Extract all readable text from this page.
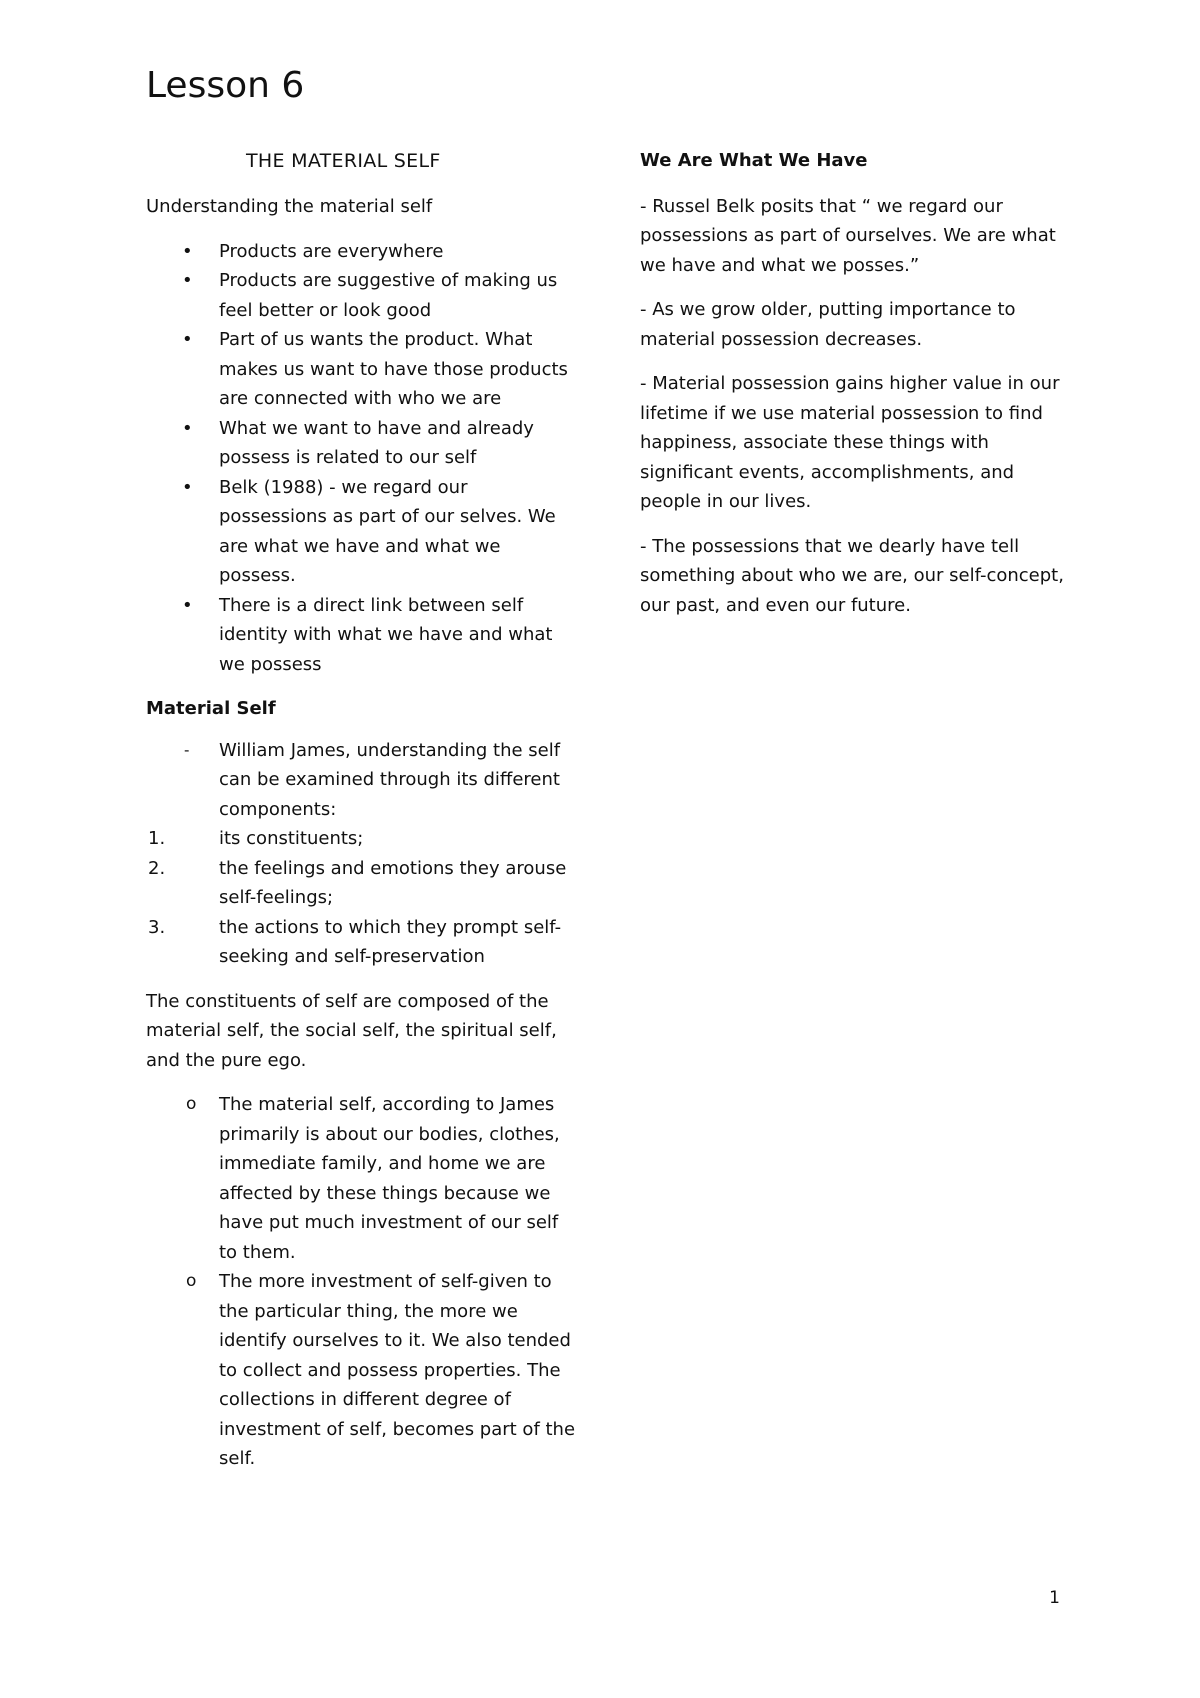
Lesson 6
THE MATERIAL SELF

Understanding the material self

•
Products are everywhere
•
Products are suggestive of making us feel better or look good
•
Part of us wants the product. What makes us want to have those products are connected with who we are
•
What we want to have and already possess is related to our self
•
Belk (1988) - we regard our possessions as part of our selves. We are what we have and what we possess.
•
There is a direct link between self identity with what we have and what we possess

Material Self

-	William James, understanding the self can be examined through its different components:
1.	its constituents;
2.	the feelings and emotions they arouse self-feelings;
3.	the actions to which they prompt self-seeking and self-preservation

The constituents of self are composed of the material self, the social self, the spiritual self, and the pure ego.

o	The material self, according to James primarily is about our bodies, clothes, immediate family, and home we are affected by these things because we have put much investment of our self to them.
o	The more investment of self-given to the particular thing, the more we identify ourselves to it. We also tended to collect and possess properties. The collections in different degree of investment of self, becomes part of the self.

We Are What We Have

- Russel Belk posits that “ we regard our possessions as part of ourselves. We are what we have and what we posses.”

- As we grow older, putting importance to material possession decreases.

- Material possession gains higher value in our lifetime if we use material possession to find happiness, associate these things with significant events, accomplishments, and people in our lives.

- The possessions that we dearly have tell something about who we are, our self-concept, our past, and even our future.

1
